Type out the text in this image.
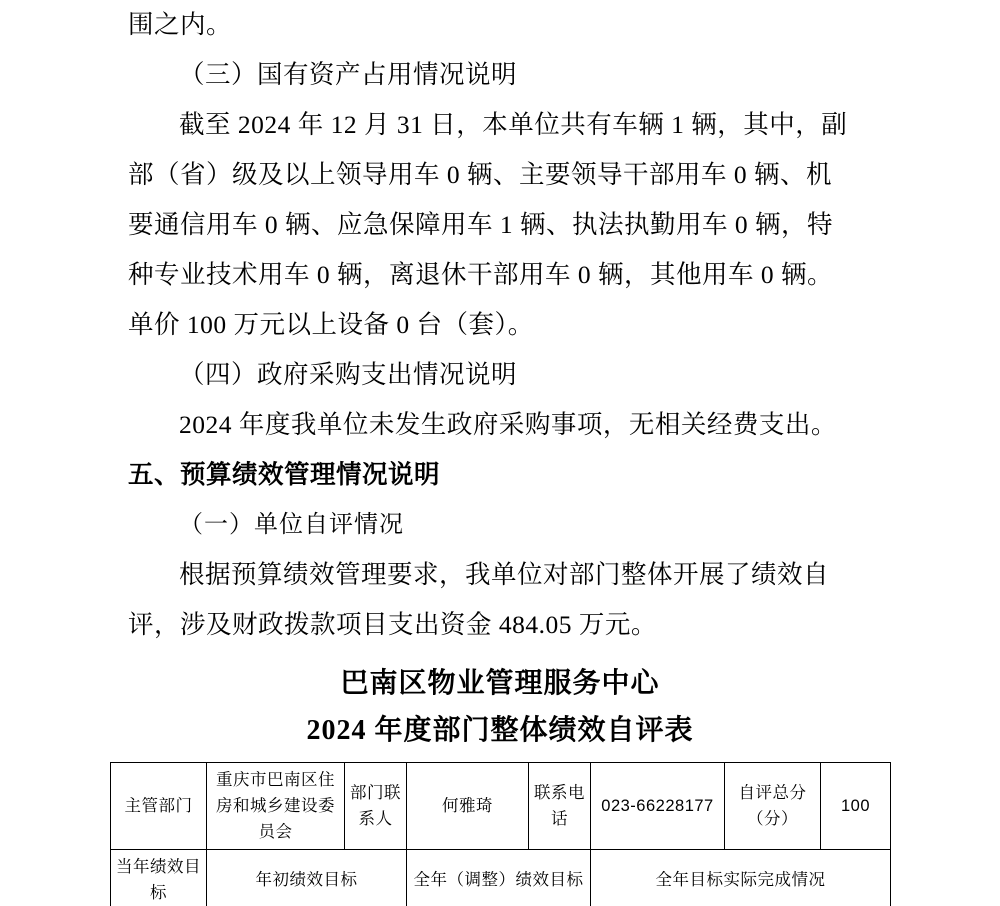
围之内。

（三）国有资产占用情况说明

截至 2024 年 12 月 31 日，本单位共有车辆 1 辆，其中，副

部（省）级及以上领导用车 0 辆、主要领导干部用车 0 辆、机

要通信用车 0 辆、应急保障用车 1 辆、执法执勤用车 0 辆，特

种专业技术用车 0 辆，离退休干部用车 0 辆，其他用车 0 辆。

单价 100 万元以上设备 0 台（套）。

（四）政府采购支出情况说明

2024 年度我单位未发生政府采购事项，无相关经费支出。

五、预算绩效管理情况说明

（一）单位自评情况

根据预算绩效管理要求，我单位对部门整体开展了绩效自

评，涉及财政拨款项目支出资金 484.05 万元。

巴南区物业管理服务中心
2024 年度部门整体绩效自评表
主管部门	重庆市巴南区住房和城乡建设委员会	部门联系人	何雅琦	联系电话	023-66228177	自评总分（分）	100
当年绩效目标	年初绩效目标		全年（调整）绩效目标		全年目标实际完成情况		
